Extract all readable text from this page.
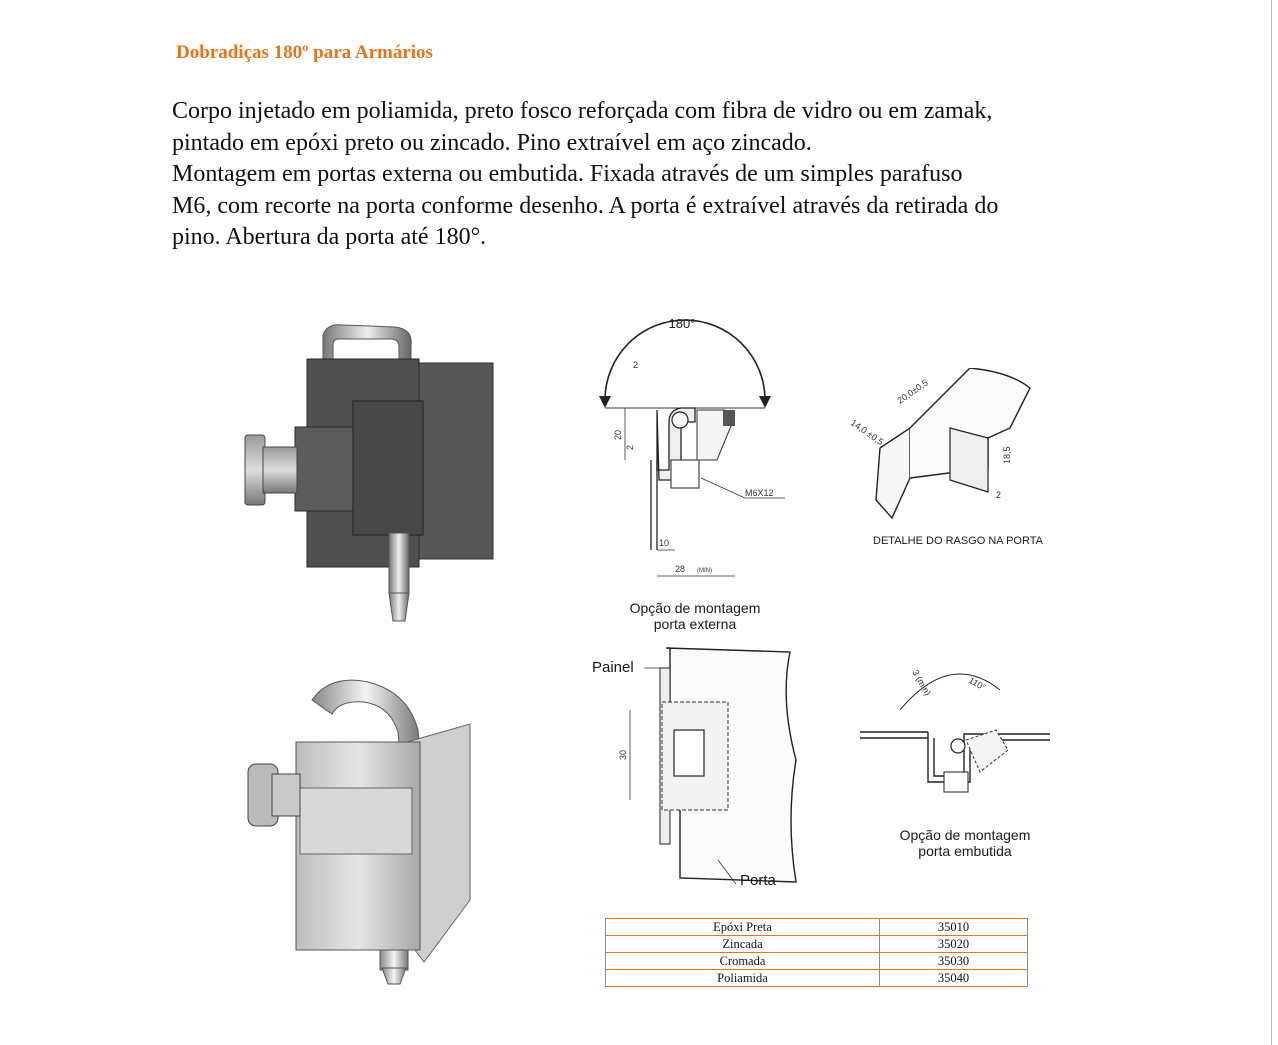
Dobradiças 180º para Armários

Corpo injetado em poliamida, preto fosco reforçada com fibra de vidro ou em zamak,

pintado em epóxi preto ou zincado. Pino extraível em aço zincado.

Montagem em portas externa ou embutida. Fixada através de um simples parafuso

M6, com recorte na porta conforme desenho. A porta é extraível através da retirada do

pino. Abertura da porta até 180°.

180°
20
2
2
M6X12
10
28 (MIN)
Opção de montagem
porta externa
14,0 ±0,5
20,0±0,5
18,5
2
DETALHE DO RASGO NA PORTA
Painel
30
Porta
110°
3 (min)
Opção de montagem
porta embutida
Epóxi Preta	35010
Zincada	35020
Cromada	35030
Poliamida	35040
